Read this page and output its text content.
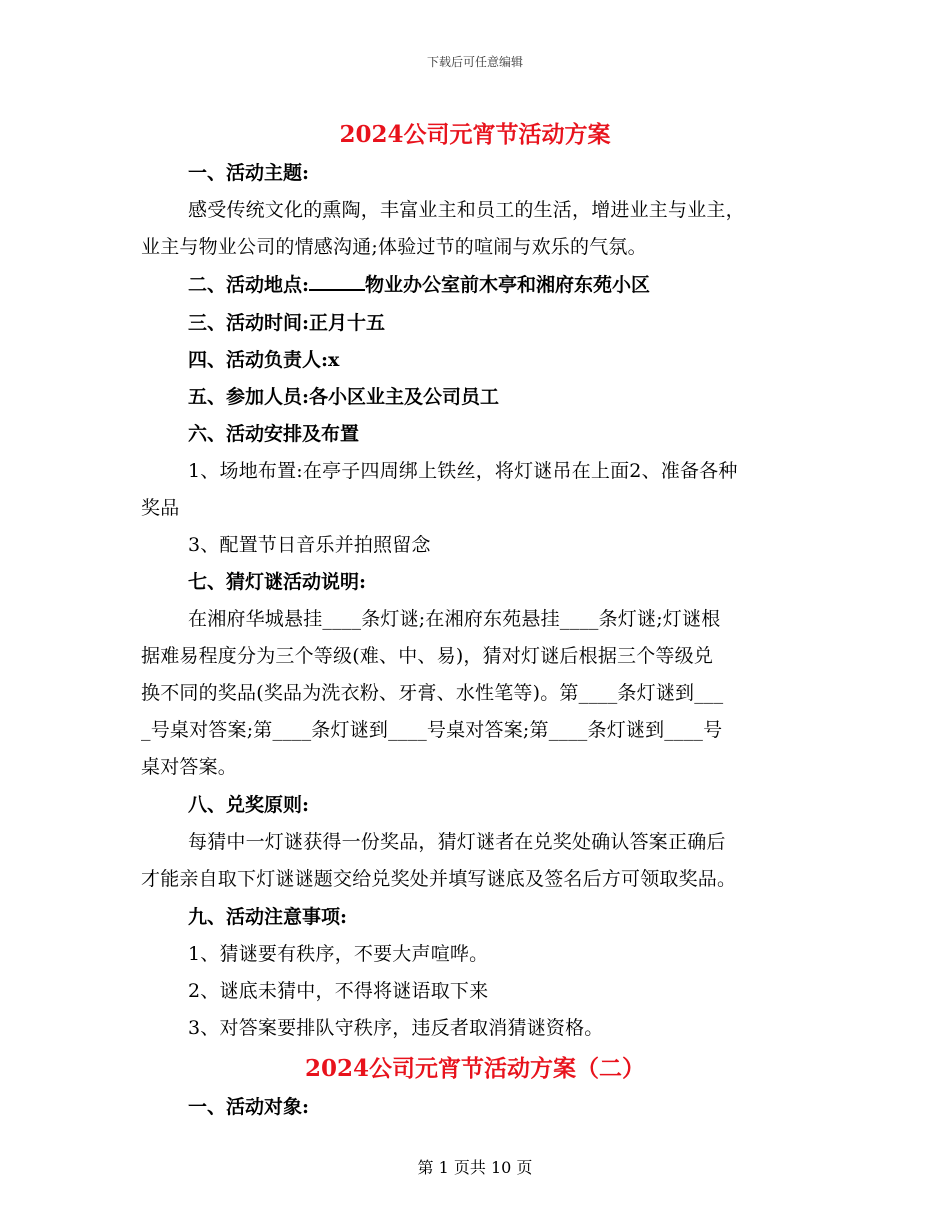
下载后可任意编辑
2024公司元宵节活动方案
一、活动主题:
感受传统文化的熏陶，丰富业主和员工的生活，增进业主与业主，
业主与物业公司的情感沟通;体验过节的喧闹与欢乐的气氛。
二、活动地点:	物业办公室前木亭和湘府东苑小区
三、活动时间:正月十五
四、活动负责人:x
五、参加人员:各小区业主及公司员工
六、活动安排及布置
1、场地布置:在亭子四周绑上铁丝，将灯谜吊在上面2、准备各种
奖品
3、配置节日音乐并拍照留念
七、猜灯谜活动说明:
在湘府华城悬挂____条灯谜;在湘府东苑悬挂____条灯谜;灯谜根
据难易程度分为三个等级(难、中、易)，猜对灯谜后根据三个等级兑
换不同的奖品(奖品为洗衣粉、牙膏、水性笔等)。第____条灯谜到___
_号桌对答案;第____条灯谜到____号桌对答案;第____条灯谜到____号
桌对答案。
八、兑奖原则:
每猜中一灯谜获得一份奖品，猜灯谜者在兑奖处确认答案正确后
才能亲自取下灯谜谜题交给兑奖处并填写谜底及签名后方可领取奖品。
九、活动注意事项:
1、猜谜要有秩序，不要大声喧哗。
2、谜底未猜中，不得将谜语取下来
3、对答案要排队守秩序，违反者取消猜谜资格。
2024公司元宵节活动方案（二）
一、活动对象:
第 1 页共 10 页
